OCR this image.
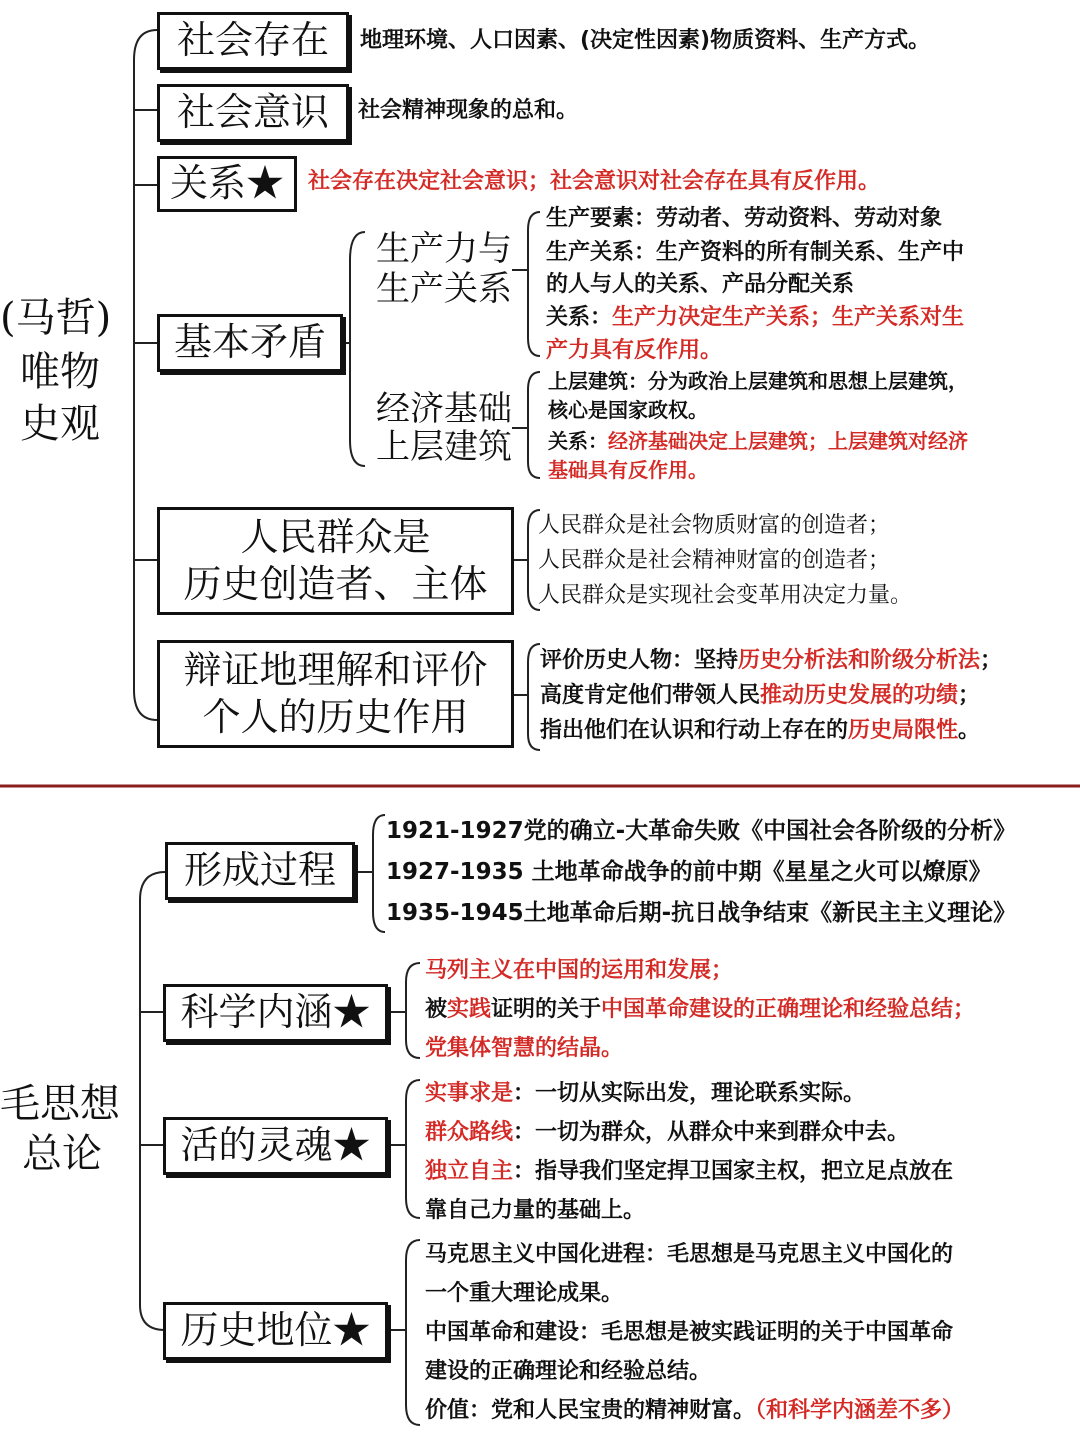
(马哲)
唯物
史观
社会存在 地理环境、人口因素、(决定性因素)物质资料、生产方式。
社会意识 社会精神现象的总和。
关系★ 社会存在决定社会意识；社会意识对社会存在具有反作用。
基本矛盾
生产力与
生产关系
生产要素：劳动者、劳动资料、劳动对象
生产关系：生产资料的所有制关系、生产中
的人与人的关系、产品分配关系
关系：生产力决定生产关系；生产关系对生
产力具有反作用。
经济基础
上层建筑
上层建筑：分为政治上层建筑和思想上层建筑，
核心是国家政权。
关系：经济基础决定上层建筑；上层建筑对经济
基础具有反作用。
人民群众是
历史创造者、主体
人民群众是社会物质财富的创造者；
人民群众是社会精神财富的创造者；
人民群众是实现社会变革用决定力量。
辩证地理解和评价
个人的历史作用
评价历史人物：坚持历史分析法和阶级分析法；
高度肯定他们带领人民推动历史发展的功绩；
指出他们在认识和行动上存在的历史局限性。
毛思想
总论
形成过程
1921-1927党的确立-大革命失败《中国社会各阶级的分析》
1927-1935 土地革命战争的前中期《星星之火可以燎原》
1935-1945土地革命后期-抗日战争结束《新民主主义理论》
科学内涵★
马列主义在中国的运用和发展；
被实践证明的关于中国革命建设的正确理论和经验总结；
党集体智慧的结晶。
活的灵魂★
实事求是：一切从实际出发，理论联系实际。
群众路线：一切为群众，从群众中来到群众中去。
独立自主：指导我们坚定捍卫国家主权，把立足点放在
靠自己力量的基础上。
历史地位★
马克思主义中国化进程：毛思想是马克思主义中国化的
一个重大理论成果。
中国革命和建设：毛思想是被实践证明的关于中国革命
建设的正确理论和经验总结。
价值：党和人民宝贵的精神财富。（和科学内涵差不多）
